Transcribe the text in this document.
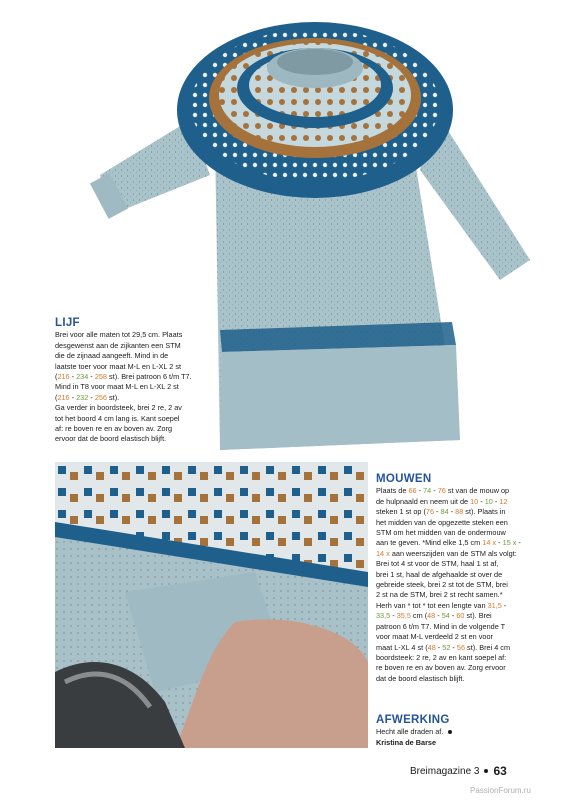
LIJF

Brei voor alle maten tot 29,5 cm. Plaats

desgewenst aan de zijkanten een STM

die de zijnaad aangeeft. Mind in de

laatste toer voor maat M-L en L-XL 2 st

(216 - 234 - 258 st). Brei patroon 6 t/m T7.

Mind in T8 voor maat M-L en L-XL 2 st

(216 - 232 - 256 st).

Ga verder in boordsteek, brei 2 re, 2 av

tot het boord 4 cm lang is. Kant soepel

af: re boven re en av boven av. Zorg

ervoor dat de boord elastisch blijft.

MOUWEN

Plaats de 66 - 74 - 76 st van de mouw op

de hulpnaald en neem uit de 10 - 10 - 12

steken 1 st op (76 - 84 - 88 st). Plaats in

het midden van de opgezette steken een

STM om het midden van de ondermouw

aan te geven. *Mind elke 1,5 cm 14 x - 15 x -

14 x aan weerszijden van de STM als volgt:

Brei tot 4 st voor de STM, haal 1 st af,

brei 1 st, haal de afgehaalde st over de

gebreide steek, brei 2 st tot de STM, brei

2 st na de STM, brei 2 st recht samen.*

Herh van * tot * tot een lengte van 31,5 -

33,5 - 35,5 cm (48 - 54 - 60 st). Brei

patroon 6 t/m T7. Mind in de volgende T

voor maat M-L verdeeld 2 st en voor

maat L-XL 4 st (48 - 52 - 56 st). Brei 4 cm

boordsteek: 2 re, 2 av en kant soepel af:

re boven re en av boven av. Zorg ervoor

dat de boord elastisch blijft.

AFWERKING

Hecht alle draden af.

Kristina de Barse

Breimagazine 3 63
PassionForum.ru
